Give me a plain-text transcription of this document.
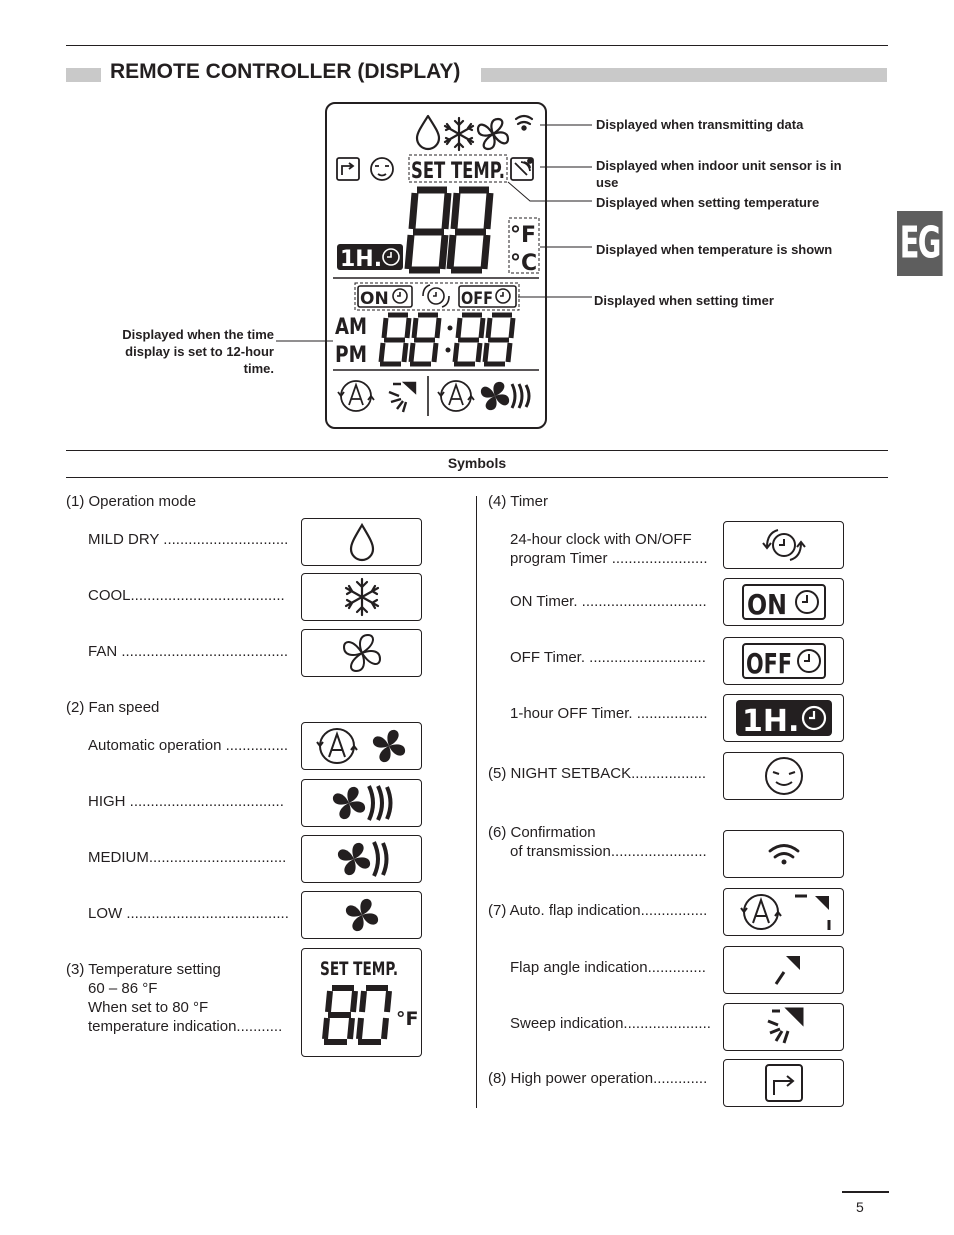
REMOTE CONTROLLER (DISPLAY)
EG
SET TEMP.
°F
°C
1H.
ON	OFF
AM
PM
Displayed when transmitting data
Displayed when indoor unit sensor is in use
Displayed when setting temperature
Displayed when temperature is shown
Displayed when setting timer
Displayed when the time display is set to 12-hour time.
Symbols
(1) Operation mode
MILD DRY ..............................
COOL.....................................
FAN ........................................
(2) Fan speed
Automatic operation ...............
HIGH .....................................
MEDIUM.................................
LOW .......................................
(3) Temperature setting
60 – 86 °F
When set to 80 °F
temperature indication...........
SET TEMP.
°F
(4) Timer
24-hour clock with ON/OFF
program Timer .......................
ON Timer. .............................. ON
OFF Timer. ............................ OFF
1-hour OFF Timer. ................. 1H.
(5) NIGHT SETBACK..................
(6) Confirmation
of transmission.......................
(7) Auto. flap indication................
Flap angle indication..............
Sweep indication.....................
(8) High power operation.............
5
